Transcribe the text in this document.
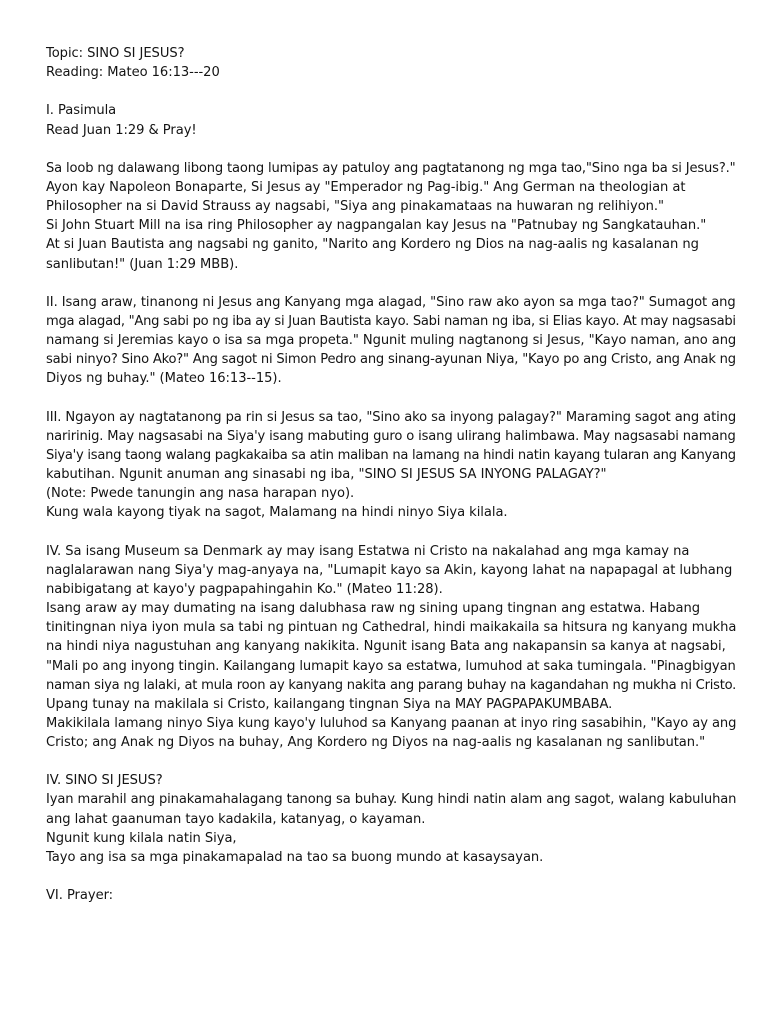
Topic: SINO SI JESUS?

Reading: Mateo 16:13---20

I. Pasimula

Read Juan 1:29 & Pray!

Sa loob ng dalawang libong taong lumipas ay patuloy ang pagtatanong ng mga tao,"Sino nga ba si Jesus?."

Ayon kay Napoleon Bonaparte, Si Jesus ay "Emperador ng Pag-ibig." Ang German na theologian at

Philosopher na si David Strauss ay nagsabi, "Siya ang pinakamataas na huwaran ng relihiyon."

Si John Stuart Mill na isa ring Philosopher ay nagpangalan kay Jesus na "Patnubay ng Sangkatauhan."

At si Juan Bautista ang nagsabi ng ganito, "Narito ang Kordero ng Dios na nag-aalis ng kasalanan ng

sanlibutan!" (Juan 1:29 MBB).

II. Isang araw, tinanong ni Jesus ang Kanyang mga alagad, "Sino raw ako ayon sa mga tao?" Sumagot ang

mga alagad, "Ang sabi po ng iba ay si Juan Bautista kayo. Sabi naman ng iba, si Elias kayo. At may nagsasabi

namang si Jeremias kayo o isa sa mga propeta." Ngunit muling nagtanong si Jesus, "Kayo naman, ano ang

sabi ninyo? Sino Ako?" Ang sagot ni Simon Pedro ang sinang-ayunan Niya, "Kayo po ang Cristo, ang Anak ng

Diyos ng buhay." (Mateo 16:13--15).

III. Ngayon ay nagtatanong pa rin si Jesus sa tao, "Sino ako sa inyong palagay?" Maraming sagot ang ating

naririnig. May nagsasabi na Siya'y isang mabuting guro o isang ulirang halimbawa. May nagsasabi namang

Siya'y isang taong walang pagkakaiba sa atin maliban na lamang na hindi natin kayang tularan ang Kanyang

kabutihan. Ngunit anuman ang sinasabi ng iba, "SINO SI JESUS SA INYONG PALAGAY?"

(Note: Pwede tanungin ang nasa harapan nyo).

Kung wala kayong tiyak na sagot, Malamang na hindi ninyo Siya kilala.

IV. Sa isang Museum sa Denmark ay may isang Estatwa ni Cristo na nakalahad ang mga kamay na

naglalarawan nang Siya'y mag-anyaya na, "Lumapit kayo sa Akin, kayong lahat na napapagal at lubhang

nabibigatang at kayo'y pagpapahingahin Ko." (Mateo 11:28).

Isang araw ay may dumating na isang dalubhasa raw ng sining upang tingnan ang estatwa. Habang

tinitingnan niya iyon mula sa tabi ng pintuan ng Cathedral, hindi maikakaila sa hitsura ng kanyang mukha

na hindi niya nagustuhan ang kanyang nakikita. Ngunit isang Bata ang nakapansin sa kanya at nagsabi,

"Mali po ang inyong tingin. Kailangang lumapit kayo sa estatwa, lumuhod at saka tumingala. "Pinagbigyan

naman siya ng lalaki, at mula roon ay kanyang nakita ang parang buhay na kagandahan ng mukha ni Cristo.

Upang tunay na makilala si Cristo, kailangang tingnan Siya na MAY PAGPAPAKUMBABA.

Makikilala lamang ninyo Siya kung kayo'y luluhod sa Kanyang paanan at inyo ring sasabihin, "Kayo ay ang

Cristo; ang Anak ng Diyos na buhay, Ang Kordero ng Diyos na nag-aalis ng kasalanan ng sanlibutan."

IV. SINO SI JESUS?

Iyan marahil ang pinakamahalagang tanong sa buhay. Kung hindi natin alam ang sagot, walang kabuluhan

ang lahat gaanuman tayo kadakila, katanyag, o kayaman.

Ngunit kung kilala natin Siya,

Tayo ang isa sa mga pinakamapalad na tao sa buong mundo at kasaysayan.

VI. Prayer:
